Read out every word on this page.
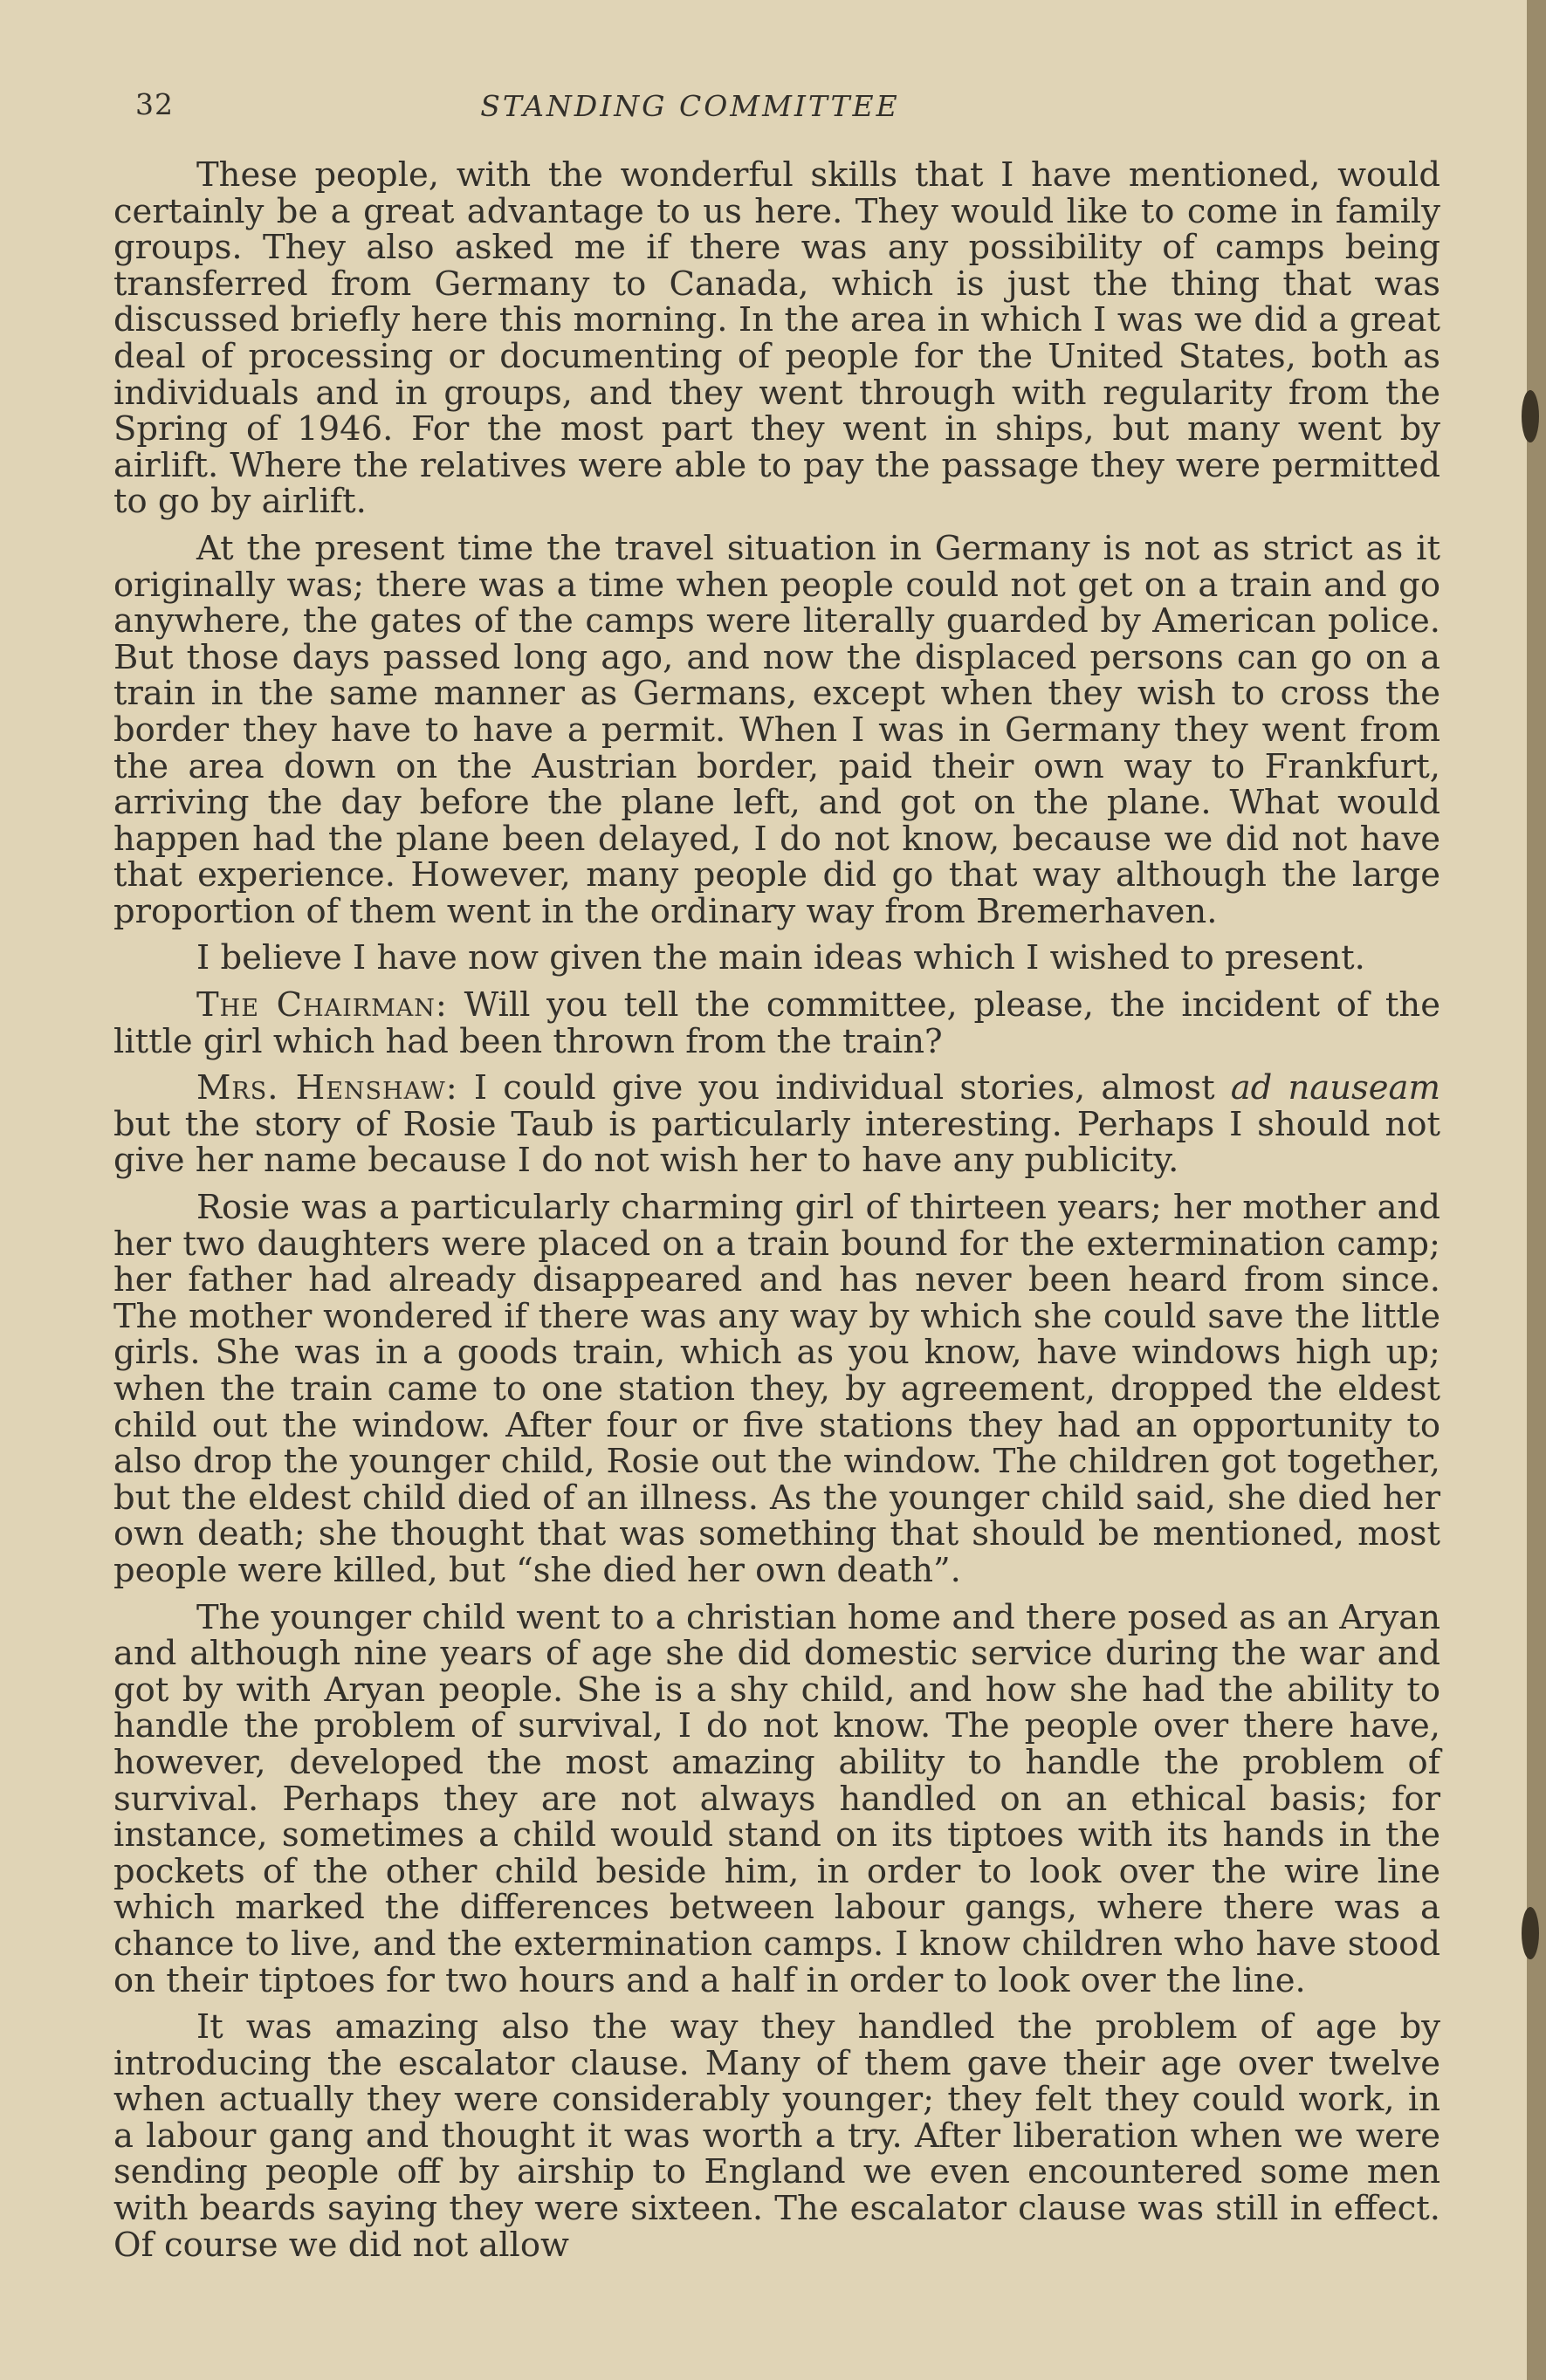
32	STANDING COMMITTEE

These people, with the wonderful skills that I have mentioned, would certainly be a great advantage to us here. They would like to come in family groups. They also asked me if there was any possibility of camps being transferred from Germany to Canada, which is just the thing that was discussed briefly here this morning. In the area in which I was we did a great deal of processing or documenting of people for the United States, both as individuals and in groups, and they went through with regularity from the Spring of 1946. For the most part they went in ships, but many went by airlift. Where the relatives were able to pay the passage they were permitted to go by airlift.

At the present time the travel situation in Germany is not as strict as it originally was; there was a time when people could not get on a train and go anywhere, the gates of the camps were literally guarded by American police. But those days passed long ago, and now the displaced persons can go on a train in the same manner as Germans, except when they wish to cross the border they have to have a permit. When I was in Germany they went from the area down on the Austrian border, paid their own way to Frankfurt, arriving the day before the plane left, and got on the plane. What would happen had the plane been delayed, I do not know, because we did not have that experience. However, many people did go that way although the large proportion of them went in the ordinary way from Bremerhaven.

I believe I have now given the main ideas which I wished to present.

The Chairman: Will you tell the committee, please, the incident of the little girl which had been thrown from the train?

Mrs. Henshaw: I could give you individual stories, almost ad nauseam but the story of Rosie Taub is particularly interesting. Perhaps I should not give her name because I do not wish her to have any publicity.

Rosie was a particularly charming girl of thirteen years; her mother and her two daughters were placed on a train bound for the extermination camp; her father had already disappeared and has never been heard from since. The mother wondered if there was any way by which she could save the little girls. She was in a goods train, which as you know, have windows high up; when the train came to one station they, by agreement, dropped the eldest child out the window. After four or five stations they had an opportunity to also drop the younger child, Rosie out the window. The children got together, but the eldest child died of an illness. As the younger child said, she died her own death; she thought that was something that should be mentioned, most people were killed, but “she died her own death”.

The younger child went to a christian home and there posed as an Aryan and although nine years of age she did domestic service during the war and got by with Aryan people. She is a shy child, and how she had the ability to handle the problem of survival, I do not know. The people over there have, however, developed the most amazing ability to handle the problem of survival. Perhaps they are not always handled on an ethical basis; for instance, sometimes a child would stand on its tiptoes with its hands in the pockets of the other child beside him, in order to look over the wire line which marked the differences between labour gangs, where there was a chance to live, and the extermination camps. I know children who have stood on their tiptoes for two hours and a half in order to look over the line.

It was amazing also the way they handled the problem of age by introducing the escalator clause. Many of them gave their age over twelve when actually they were considerably younger; they felt they could work, in a labour gang and thought it was worth a try. After liberation when we were sending people off by airship to England we even encountered some men with beards saying they were sixteen. The escalator clause was still in effect. Of course we did not allow
